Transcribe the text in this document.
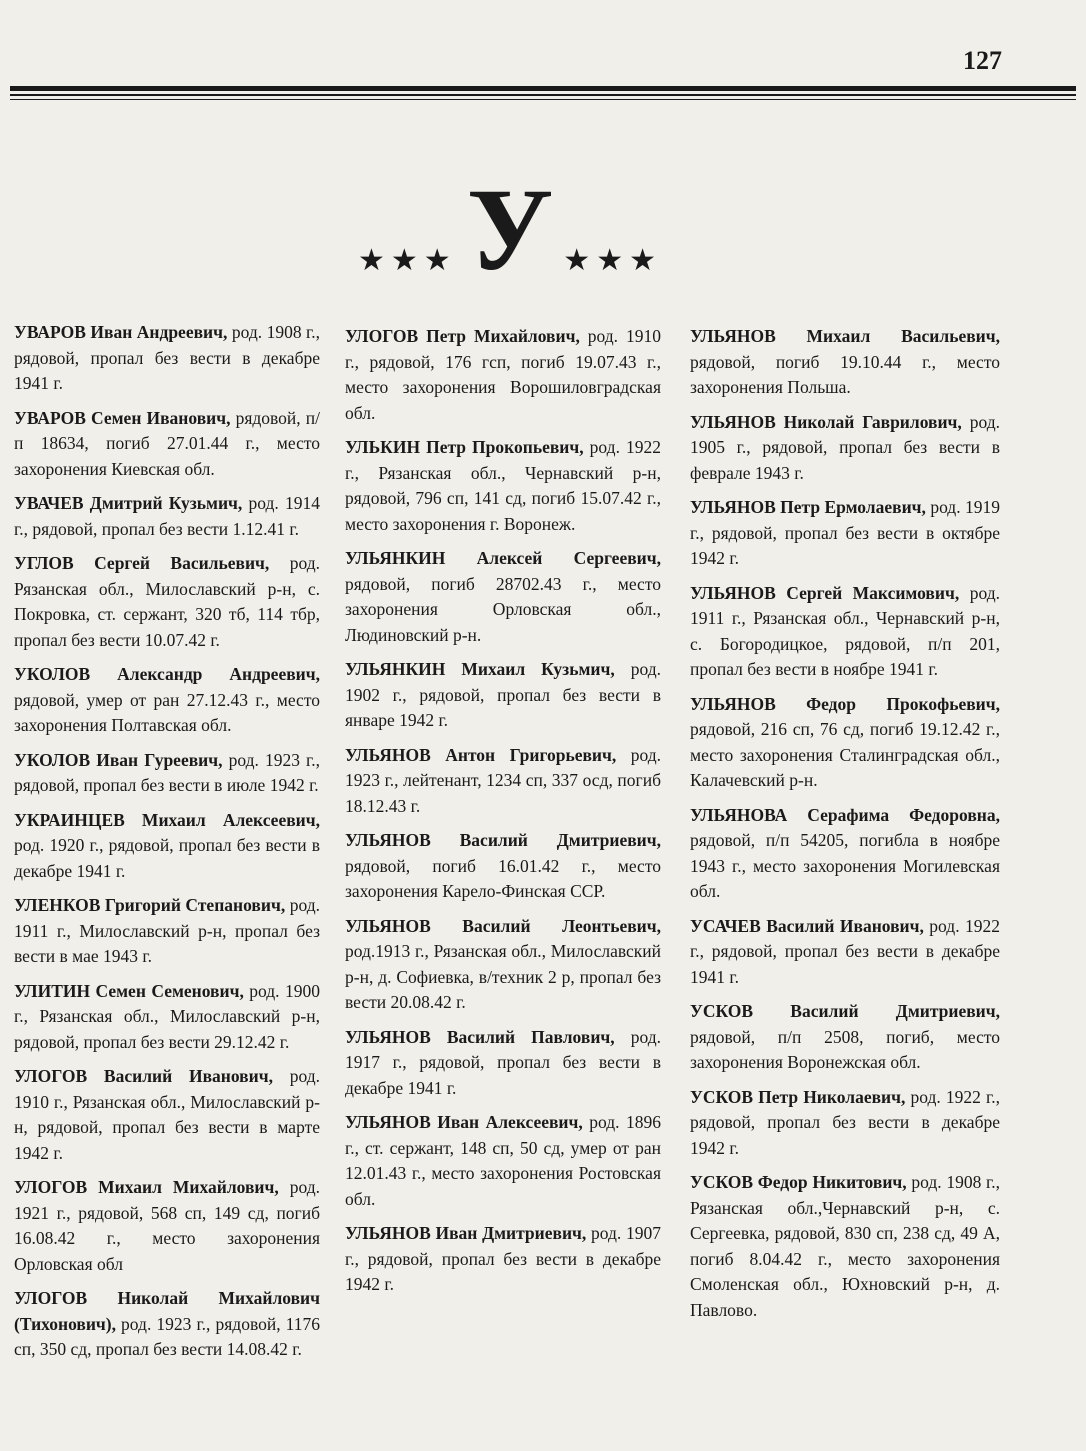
127
★★★ У ★★★

УВАРОВ Иван Андреевич, род. 1908 г., рядовой, пропал без вести в декабре 1941 г.

УВАРОВ Семен Иванович, рядовой, п/п 18634, погиб 27.01.44 г., место захоронения Киевская обл.

УВАЧЕВ Дмитрий Кузьмич, род. 1914 г., рядовой, пропал без вести 1.12.41 г.

УГЛОВ Сергей Васильевич, род. Рязанская обл., Милославский р-н, с. Покровка, ст. сержант, 320 тб, 114 тбр, пропал без вести 10.07.42 г.

УКОЛОВ Александр Андреевич, рядовой, умер от ран 27.12.43 г., место захоронения Полтавская обл.

УКОЛОВ Иван Гуреевич, род. 1923 г., рядовой, пропал без вести в июле 1942 г.

УКРАИНЦЕВ Михаил Алексеевич, род. 1920 г., рядовой, пропал без вести в декабре 1941 г.

УЛЕНКОВ Григорий Степанович, род. 1911 г., Милославский р-н, пропал без вести в мае 1943 г.

УЛИТИН Семен Семенович, род. 1900 г., Рязанская обл., Милославский р-н, рядовой, пропал без вести 29.12.42 г.

УЛОГОВ Василий Иванович, род. 1910 г., Рязанская обл., Милославский р-н, рядовой, пропал без вести в марте 1942 г.

УЛОГОВ Михаил Михайлович, род. 1921 г., рядовой, 568 сп, 149 сд, погиб 16.08.42 г., место захоронения Орловская обл

УЛОГОВ Николай Михайлович (Тихонович), род. 1923 г., рядовой, 1176 сп, 350 сд, пропал без вести 14.08.42 г.

УЛОГОВ Петр Михайлович, род. 1910 г., рядовой, 176 гсп, погиб 19.07.43 г., место захоронения Ворошиловградская обл.

УЛЬКИН Петр Прокопьевич, род. 1922 г., Рязанская обл., Чернавский р-н, рядовой, 796 сп, 141 сд, погиб 15.07.42 г., место захоронения г. Воронеж.

УЛЬЯНКИН Алексей Сергеевич, рядовой, погиб 28702.43 г., место захоронения Орловская обл., Людиновский р-н.

УЛЬЯНКИН Михаил Кузьмич, род. 1902 г., рядовой, пропал без вести в январе 1942 г.

УЛЬЯНОВ Антон Григорьевич, род. 1923 г., лейтенант, 1234 сп, 337 осд, погиб 18.12.43 г.

УЛЬЯНОВ Василий Дмитриевич, рядовой, погиб 16.01.42 г., место захоронения Карело-Финская ССР.

УЛЬЯНОВ Василий Леонтьевич, род.1913 г., Рязанская обл., Милославский р-н, д. Софиевка, в/техник 2 р, пропал без вести 20.08.42 г.

УЛЬЯНОВ Василий Павлович, род. 1917 г., рядовой, пропал без вести в декабре 1941 г.

УЛЬЯНОВ Иван Алексеевич, род. 1896 г., ст. сержант, 148 сп, 50 сд, умер от ран 12.01.43 г., место захоронения Ростовская обл.

УЛЬЯНОВ Иван Дмитриевич, род. 1907 г., рядовой, пропал без вести в декабре 1942 г.

УЛЬЯНОВ Михаил Васильевич, рядовой, погиб 19.10.44 г., место захоронения Польша.

УЛЬЯНОВ Николай Гаврилович, род. 1905 г., рядовой, пропал без вести в феврале 1943 г.

УЛЬЯНОВ Петр Ермолаевич, род. 1919 г., рядовой, пропал без вести в октябре 1942 г.

УЛЬЯНОВ Сергей Максимович, род. 1911 г., Рязанская обл., Чернавский р-н, с. Богородицкое, рядовой, п/п 201, пропал без вести в ноябре 1941 г.

УЛЬЯНОВ Федор Прокофьевич, рядовой, 216 сп, 76 сд, погиб 19.12.42 г., место захоронения Сталинградская обл., Калачевский р-н.

УЛЬЯНОВА Серафима Федоровна, рядовой, п/п 54205, погибла в ноябре 1943 г., место захоронения Могилевская обл.

УСАЧЕВ Василий Иванович, род. 1922 г., рядовой, пропал без вести в декабре 1941 г.

УСКОВ Василий Дмитриевич, рядовой, п/п 2508, погиб, место захоронения Воронежская обл.

УСКОВ Петр Николаевич, род. 1922 г., рядовой, пропал без вести в декабре 1942 г.

УСКОВ Федор Никитович, род. 1908 г., Рязанская обл.,Чернавский р-н, с. Сергеевка, рядовой, 830 сп, 238 сд, 49 А, погиб 8.04.42 г., место захоронения Смоленская обл., Юхновский р-н, д. Павлово.
